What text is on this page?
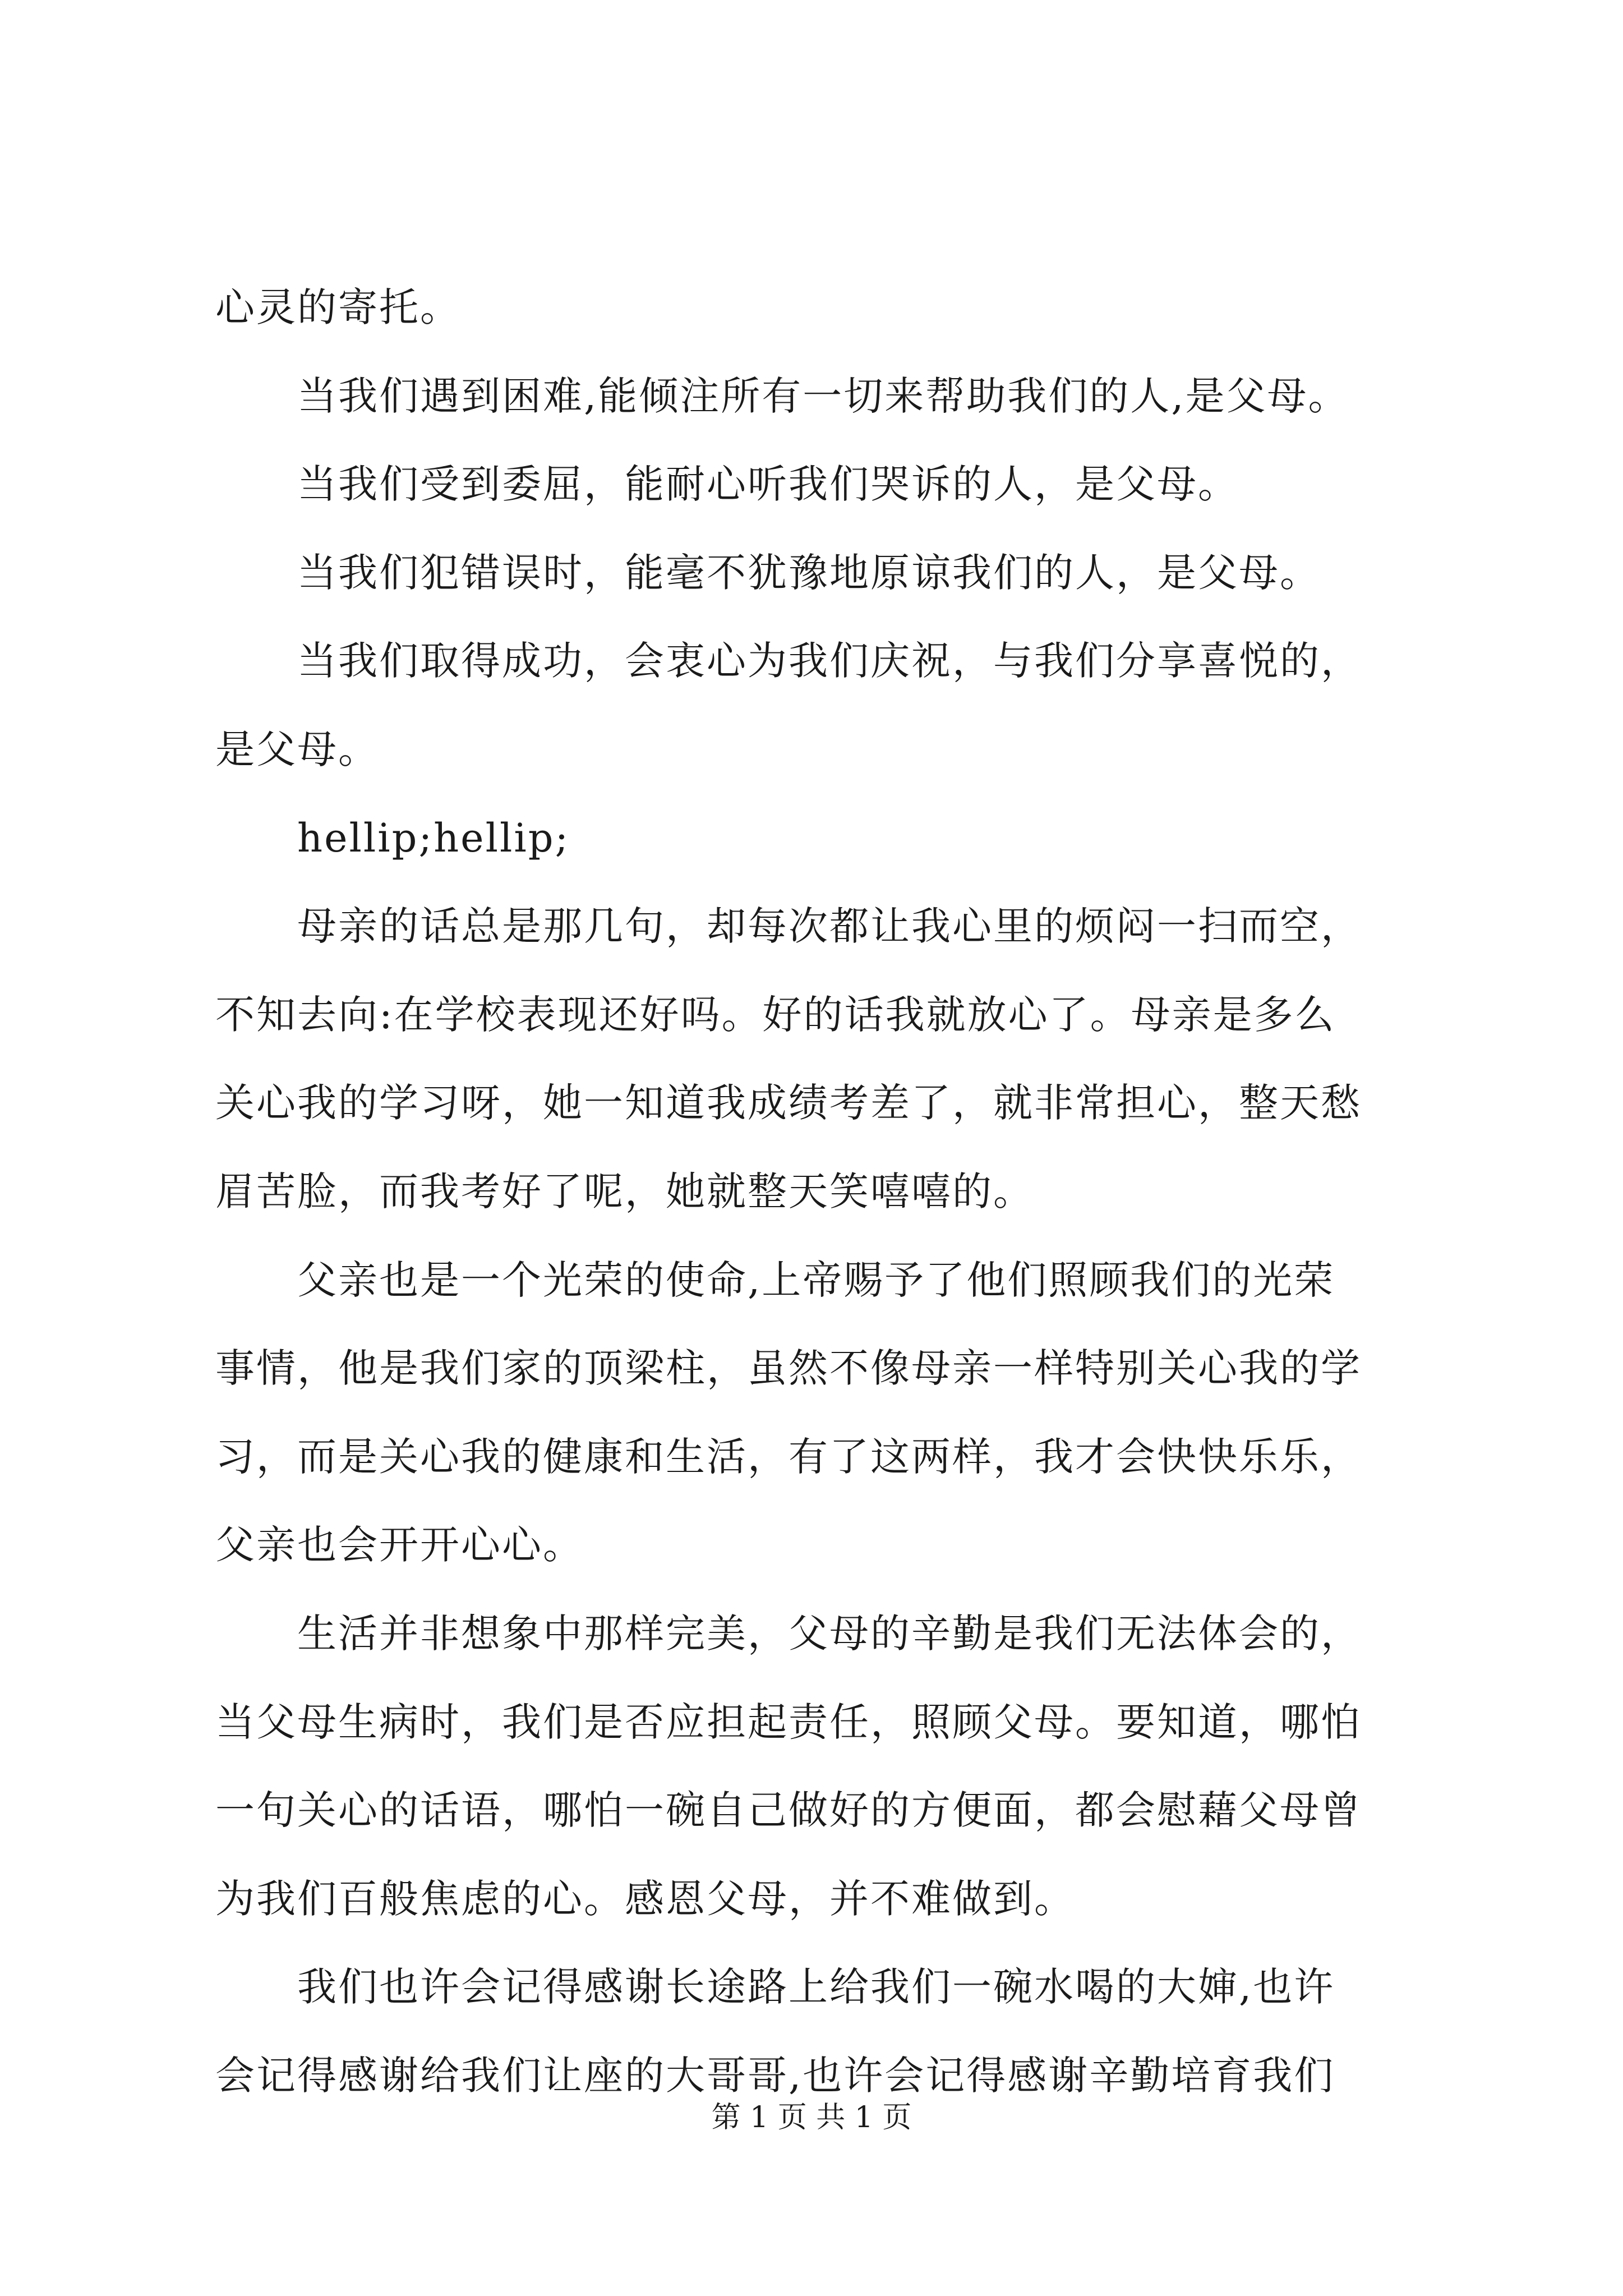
心灵的寄托。
　　当我们遇到困难,能倾注所有一切来帮助我们的人,是父母。
　　当我们受到委屈，能耐心听我们哭诉的人，是父母。
　　当我们犯错误时，能毫不犹豫地原谅我们的人，是父母。
　　当我们取得成功，会衷心为我们庆祝，与我们分享喜悦的，
是父母。
　　hellip;hellip;
　　母亲的话总是那几句，却每次都让我心里的烦闷一扫而空，
不知去向:在学校表现还好吗。好的话我就放心了。母亲是多么
关心我的学习呀，她一知道我成绩考差了，就非常担心，整天愁
眉苦脸，而我考好了呢，她就整天笑嘻嘻的。
　　父亲也是一个光荣的使命,上帝赐予了他们照顾我们的光荣
事情，他是我们家的顶梁柱，虽然不像母亲一样特别关心我的学
习，而是关心我的健康和生活，有了这两样，我才会快快乐乐，
父亲也会开开心心。
　　生活并非想象中那样完美，父母的辛勤是我们无法体会的，
当父母生病时，我们是否应担起责任，照顾父母。要知道，哪怕
一句关心的话语，哪怕一碗自己做好的方便面，都会慰藉父母曾
为我们百般焦虑的心。感恩父母，并不难做到。
　　我们也许会记得感谢长途路上给我们一碗水喝的大婶,也许
会记得感谢给我们让座的大哥哥,也许会记得感谢辛勤培育我们
第 1 页 共 1 页
